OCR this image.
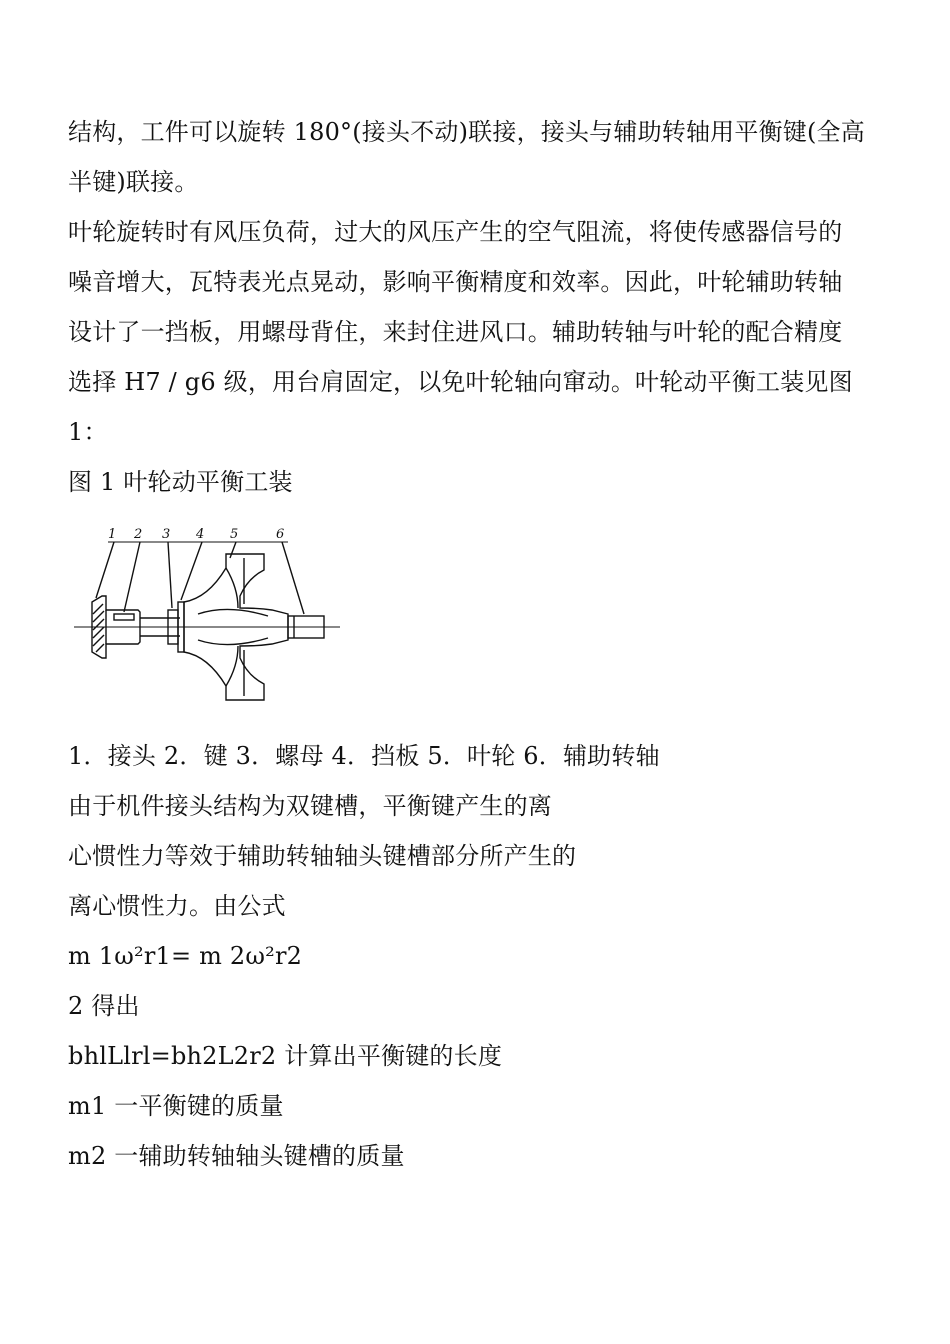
结构，工件可以旋转 180°(接头不动)联接，接头与辅助转轴用平衡键(全高
半键)联接。
叶轮旋转时有风压负荷，过大的风压产生的空气阻流，将使传感器信号的
噪音增大，瓦特表光点晃动，影响平衡精度和效率。因此，叶轮辅助转轴
设计了一挡板，用螺母背住，来封住进风口。辅助转轴与叶轮的配合精度
选择 H7 / g6 级，用台肩固定，以免叶轮轴向窜动。叶轮动平衡工装见图
1：
图 1 叶轮动平衡工装
1 2 3 4 5	6
1．接头 2．键 3．螺母 4．挡板 5．叶轮 6．辅助转轴
由于机件接头结构为双键槽，平衡键产生的离
心惯性力等效于辅助转轴轴头键槽部分所产生的
离心惯性力。由公式
m 1ω²r1= m 2ω²r2
2 得出
bhlLlrl=bh2L2r2 计算出平衡键的长度
m1 一平衡键的质量
m2 一辅助转轴轴头键槽的质量
